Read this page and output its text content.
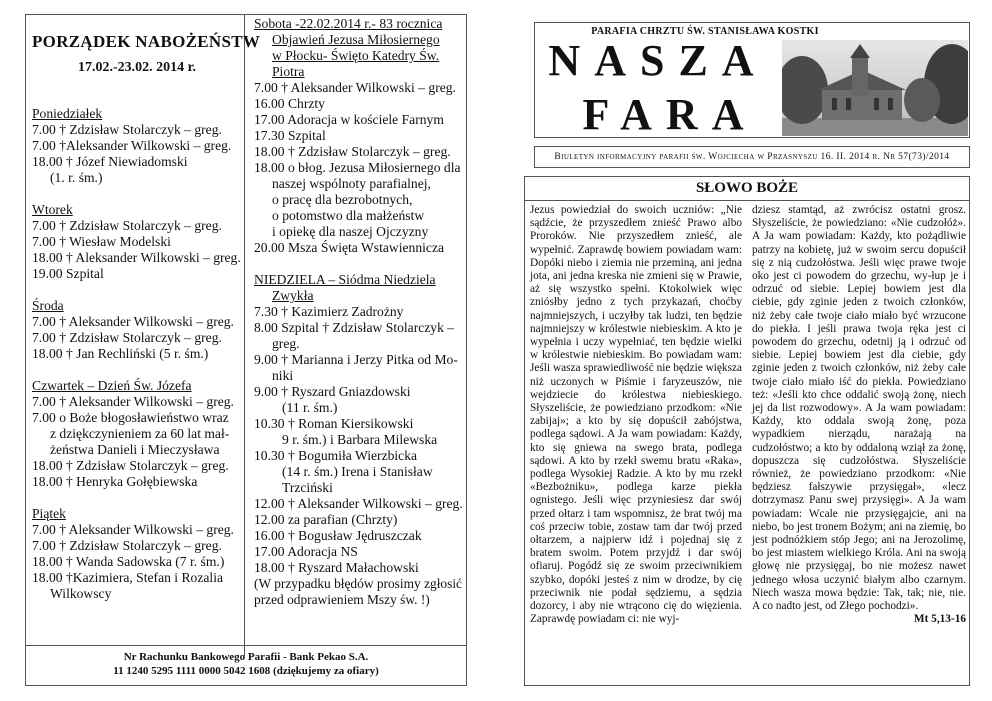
PORZĄDEK NABOŻEŃSTW
17.02.-23.02. 2014 r.
Poniedziałek
7.00 † Zdzisław Stolarczyk – greg.
7.00 †Aleksander Wilkowski – greg.
18.00 † Józef Niewiadomski
(1. r. śm.)
Wtorek
7.00 † Zdzisław Stolarczyk – greg.
7.00 † Wiesław Modelski
18.00 † Aleksander Wilkowski – greg.
19.00 Szpital
Środa
7.00 † Aleksander Wilkowski – greg.
7.00 † Zdzisław Stolarczyk – greg.
18.00 † Jan Rechliński (5 r. śm.)
Czwartek – Dzień Św. Józefa
7.00 † Aleksander Wilkowski – greg.
7.00 o Boże błogosławieństwo wraz
z dziękczynieniem za 60 lat mał-
żeństwa Danieli i Mieczysława
18.00 † Zdzisław Stolarczyk – greg.
18.00 † Henryka Gołębiewska
Piątek
7.00 † Aleksander Wilkowski – greg.
7.00 † Zdzisław Stolarczyk – greg.
18.00 † Wanda Sadowska (7 r. śm.)
18.00 †Kazimiera, Stefan i Rozalia
Wilkowscy
Sobota -22.02.2014 r.- 83 rocznica
Objawień Jezusa Miłosiernego
w Płocku- Święto Katedry Św.
Piotra
7.00 † Aleksander Wilkowski – greg.
16.00 Chrzty
17.00 Adoracja w kościele Farnym
17.30 Szpital
18.00 † Zdzisław Stolarczyk – greg.
18.00 o błog. Jezusa Miłosiernego dla
naszej wspólnoty parafialnej,
o pracę dla bezrobotnych,
o potomstwo dla małżeństw
i opiekę dla naszej Ojczyzny
20.00 Msza Święta Wstawiennicza
NIEDZIELA – Siódma Niedziela
Zwykła
7.30 † Kazimierz Zadrożny
8.00 Szpital † Zdzisław Stolarczyk –
greg.
9.00 † Marianna i Jerzy Pitka od Mo-
niki
9.00 † Ryszard Gniazdowski
(11 r. śm.)
10.30 † Roman Kiersikowski
9 r. śm.) i Barbara Milewska
10.30 † Bogumiła Wierzbicka
(14 r. śm.) Irena i Stanisław
Trzciński
12.00 † Aleksander Wilkowski – greg.
12.00 za parafian (Chrzty)
16.00 † Bogusław Jędruszczak
17.00 Adoracja NS
18.00 † Ryszard Małachowski
(W przypadku błędów prosimy zgłosić
przed odprawieniem Mszy św. !)
Nr Rachunku Bankowego Parafii - Bank Pekao S.A.
11 1240 5295 1111 0000 5042 1608 (dziękujemy za ofiary)
PARAFIA CHRZTU ŚW. STANISŁAWA KOSTKI
NASZA
FARA
Biuletyn informacyjny parafii św. Wojciecha w Przasnyszu 16. II. 2014 r. Nr 57(73)/2014
SŁOWO BOŻE
Jezus powiedział do swoich uczniów: „Nie sądźcie, że przyszedłem znieść Prawo albo Proroków. Nie przyszedłem znieść, ale wypełnić. Zaprawdę bowiem powiadam wam: Dopóki niebo i ziemia nie przeminą, ani jedna jota, ani jedna kreska nie zmieni się w Prawie, aż się wszystko spełni. Ktokolwiek więc zniósłby jedno z tych przykazań, choćby najmniejszych, i uczyłby tak ludzi, ten będzie najmniejszy w królestwie niebieskim. A kto je wypełnia i uczy wypełniać, ten będzie wielki w królestwie niebieskim. Bo powiadam wam: Jeśli wasza sprawiedliwość nie będzie większa niż uczonych w Piśmie i faryzeuszów, nie wejdziecie do królestwa niebieskiego. Słyszeliście, że powiedziano przodkom: «Nie zabijaj»; a kto by się dopuścił zabójstwa, podlega sądowi. A Ja wam powiadam: Każdy, kto się gniewa na swego brata, podlega sądowi. A kto by rzekł swemu bratu «Raka», podlega Wysokiej Radzie. A kto by mu rzekł «Bezbożniku», podlega karze piekła ognistego. Jeśli więc przyniesiesz dar swój przed ołtarz i tam wspomnisz, że brat twój ma coś przeciw tobie, zostaw tam dar twój przed ołtarzem, a najpierw idź i pojednaj się z bratem swoim. Potem przyjdź i dar swój ofiaruj. Pogódź się ze swoim przeciwnikiem szybko, dopóki jesteś z nim w drodze, by cię przeciwnik nie podał sędziemu, a sędzia dozorcy, i aby nie wtrącono cię do więzienia. Zaprawdę powiadam ci: nie wyj-
dziesz stamtąd, aż zwrócisz ostatni grosz. Słyszeliście, że powiedziano: «Nie cudzołóż». A Ja wam powiadam: Każdy, kto pożądliwie patrzy na kobietę, już w swoim sercu dopuścił się z nią cudzołóstwa. Jeśli więc prawe twoje oko jest ci powodem do grzechu, wy-łup je i odrzuć od siebie. Lepiej bowiem jest dla ciebie, gdy zginie jeden z twoich członków, niż żeby całe twoje ciało miało być wrzucone do piekła. I jeśli prawa twoja ręka jest ci powodem do grzechu, odetnij ją i odrzuć od siebie. Lepiej bowiem jest dla ciebie, gdy zginie jeden z twoich członków, niż żeby całe twoje ciało miało iść do piekła. Powiedziano też: «Jeśli kto chce oddalić swoją żonę, niech jej da list rozwodowy». A Ja wam powiadam: Każdy, kto oddala swoją żonę, poza wypadkiem nierządu, narażają na cudzołóstwo; a kto by oddaloną wziął za żonę, dopuszcza się cudzołóstwa. Słyszeliście również, że powiedziano przodkom: «Nie będziesz fałszywie przysięgał», «lecz dotrzymasz Panu swej przysięgi». A Ja wam powiadam: Wcale nie przysięgajcie, ani na niebo, bo jest tronem Bożym; ani na ziemię, bo jest podnóżkiem stóp Jego; ani na Jerozolimę, bo jest miastem wielkiego Króla. Ani na swoją głowę nie przysięgaj, bo nie możesz nawet jednego włosa uczynić białym albo czarnym. Niech wasza mowa będzie: Tak, tak; nie, nie. A co nadto jest, od Złego pochodzi».
Mt 5,13-16
